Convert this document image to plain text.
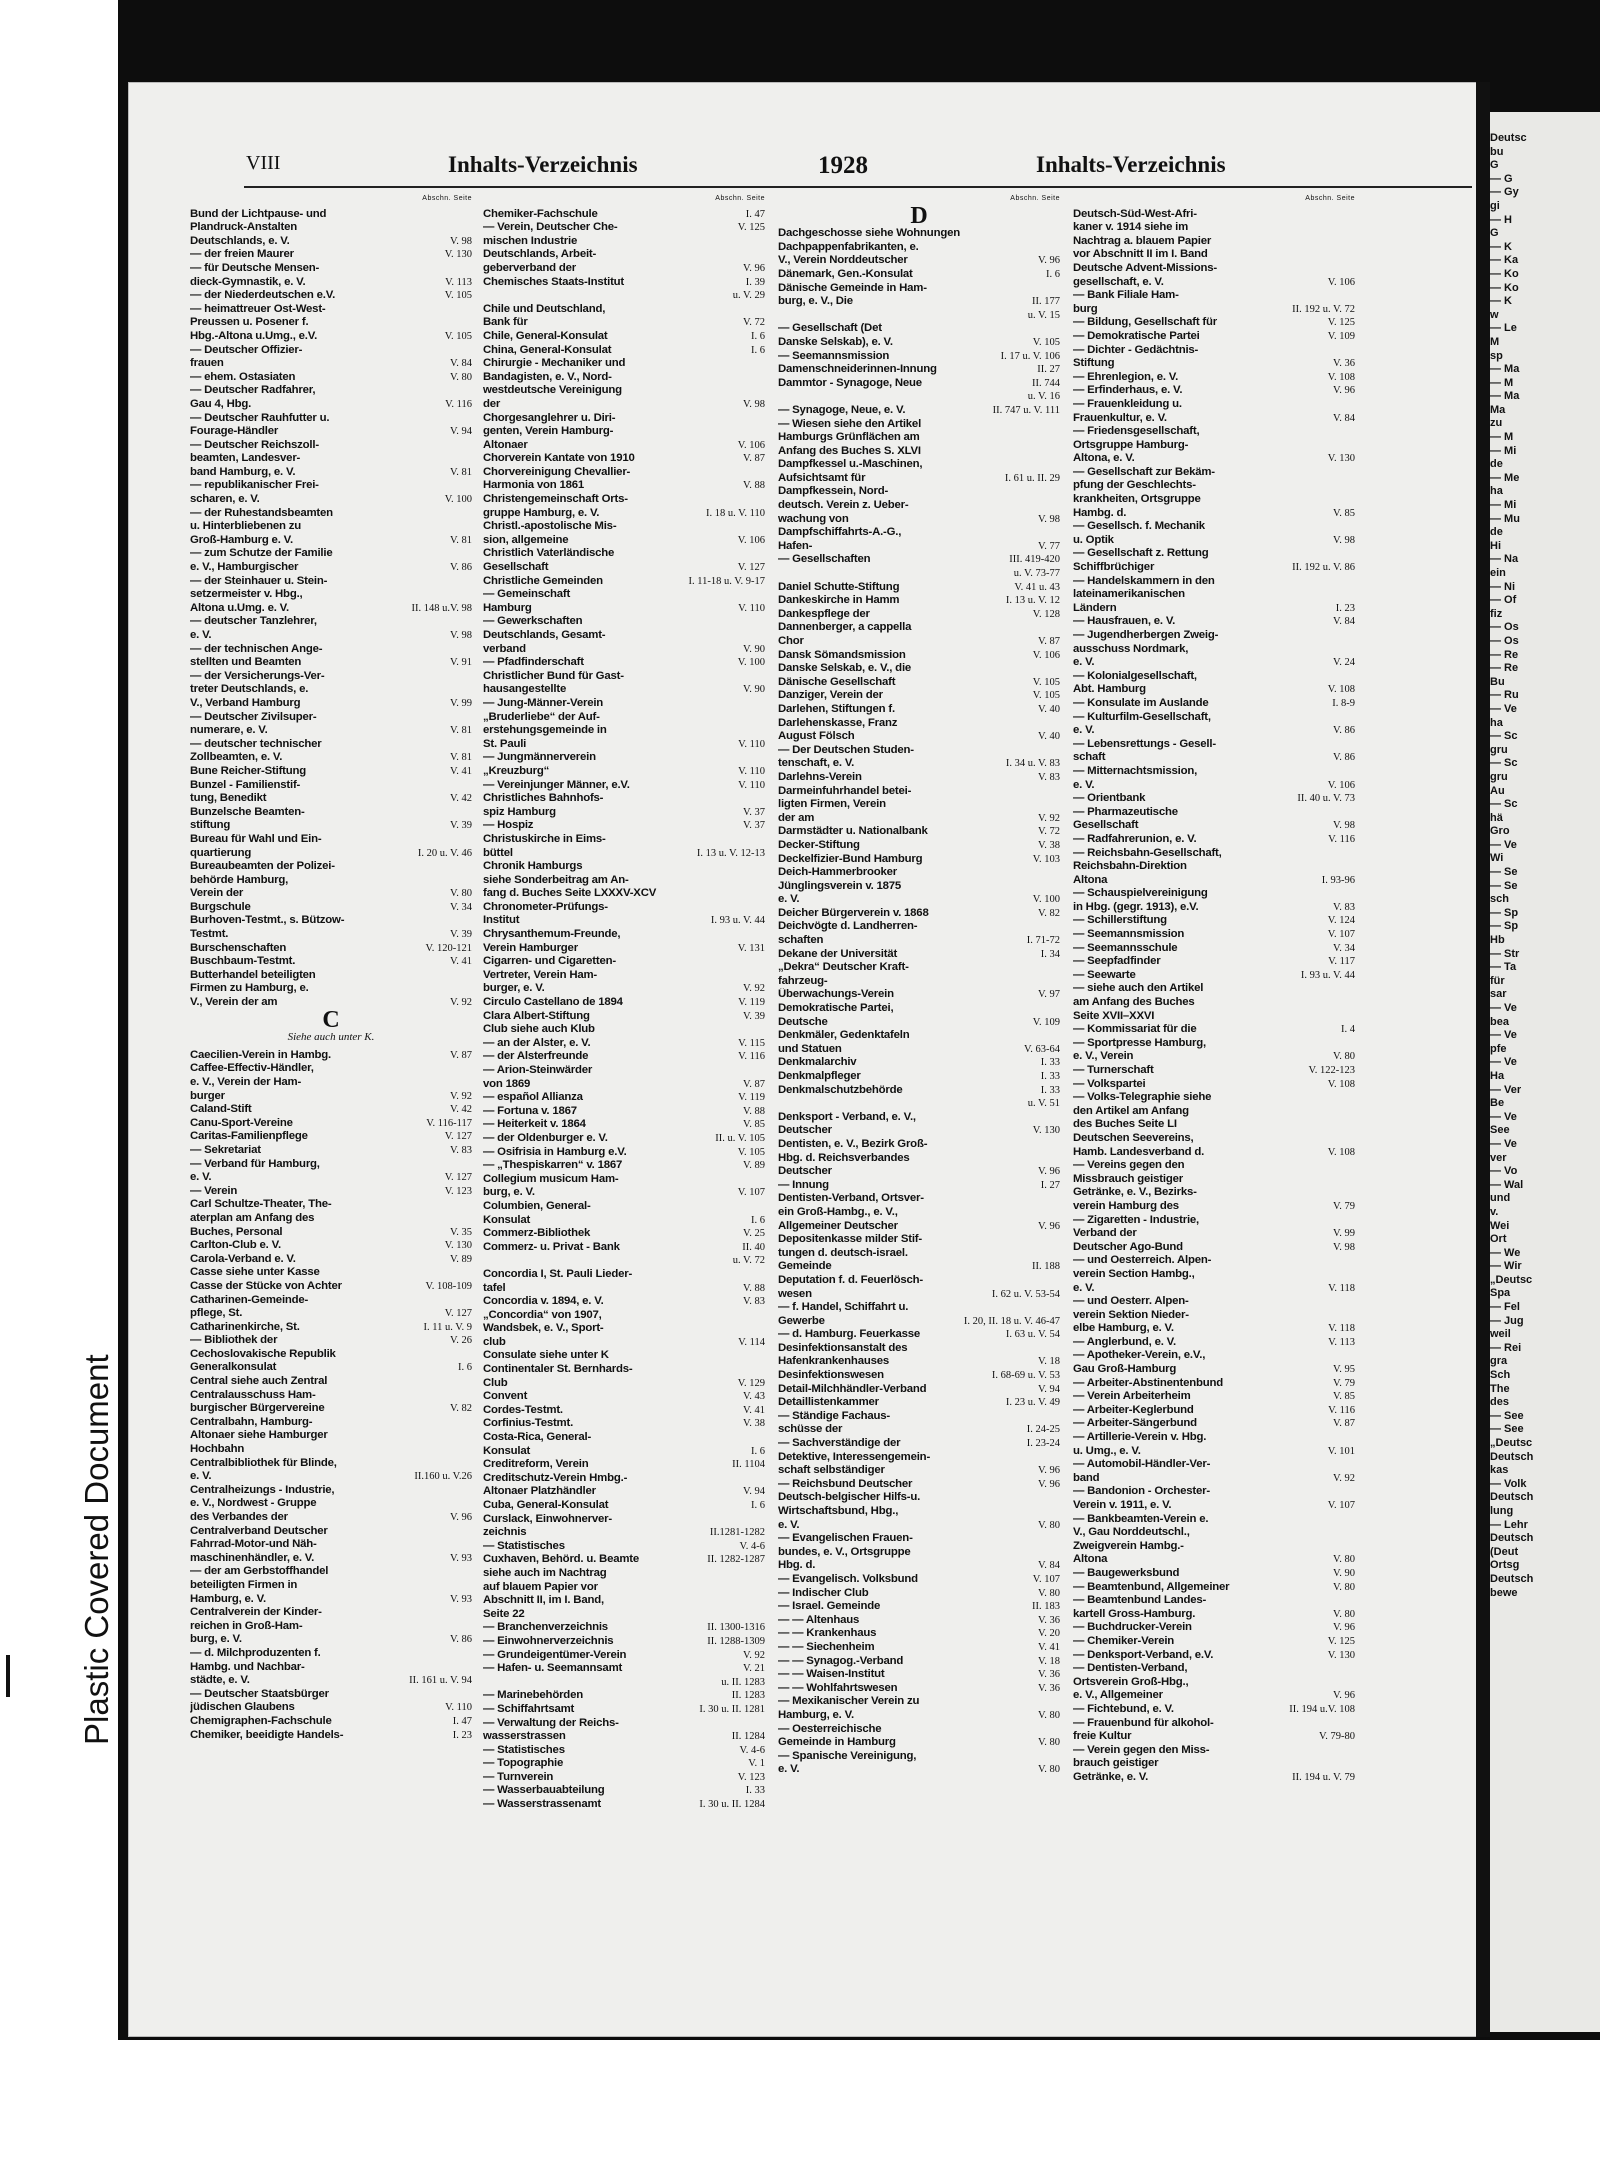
Plastic Covered Document
Deutsc
bu
G
— G
— Gy
gi
— H
G
— K
— Ka
— Ko
— Ko
— K
w
— Le
M
sp
— Ma
— M
— Ma
Ma
zu
— M
— Mi
de
— Me
ha
— Mi
— Mu
de
Hi
— Na
ein
— Ni
— Of
fiz
— Os
— Os
— Re
— Re
Bu
— Ru
— Ve
ha
— Sc
gru
— Sc
gru
Au
— Sc
hä
Gro
— Ve
Wi
— Se
— Se
sch
— Sp
— Sp
Hb
— Str
— Ta
für
sar
— Ve
bea
— Ve
pfe
— Ve
Ha
— Ver
Be
— Ve
See
— Ve
ver
— Vo
— Wal
und
v.
Wei
Ort
— We
— Wir
„Deutsc
Spa
— Fel
— Jug
weil
— Rei
gra
Sch
The
des
— See
— See
„Deutsc
Deutsch
kas
— Volk
Deutsch
lung
— Lehr
Deutsch
(Deut
Ortsg
Deutsch
bewe
VIII	Inhalts-Verzeichnis	1928	Inhalts-Verzeichnis
Abschn. Seite
Bund der Lichtpause- und
Plandruck-Anstalten
Deutschlands, e. V.	V. 98
— der freien Maurer	V. 130
— für Deutsche Mensen-
dieck-Gymnastik, e. V.	V. 113
— der Niederdeutschen e.V.	V. 105
— heimattreuer Ost-West-
Preussen u. Posener f.
Hbg.-Altona u.Umg., e.V.	V. 105
— Deutscher Offizier-
frauen	V. 84
— ehem. Ostasiaten	V. 80
— Deutscher Radfahrer,
Gau 4, Hbg.	V. 116
— Deutscher Rauhfutter u.
Fourage-Händler	V. 94
— Deutscher Reichszoll-
beamten, Landesver-
band Hamburg, e. V.	V. 81
— republikanischer Frei-
scharen, e. V.	V. 100
— der Ruhestandsbeamten
u. Hinterbliebenen zu
Groß-Hamburg e. V.	V. 81
— zum Schutze der Familie
e. V., Hamburgischer	V. 86
— der Steinhauer u. Stein-
setzermeister v. Hbg.,
Altona u.Umg. e. V.	II. 148 u.V. 98
— deutscher Tanzlehrer,
e. V.	V. 98
— der technischen Ange-
stellten und Beamten	V. 91
— der Versicherungs-Ver-
treter Deutschlands, e.
V., Verband Hamburg	V. 99
— Deutscher Zivilsuper-
numerare, e. V.	V. 81
— deutscher technischer
Zollbeamten, e. V.	V. 81
Bune Reicher-Stiftung	V. 41
Bunzel - Familienstif-
tung, Benedikt	V. 42
Bunzelsche Beamten-
stiftung	V. 39
Bureau für Wahl und Ein-
quartierung	I. 20 u. V. 46
Bureaubeamten der Polizei-
behörde Hamburg,
Verein der	V. 80
Burgschule	V. 34
Burhoven-Testmt., s. Bützow-
Testmt.	V. 39
Burschenschaften	V. 120-121
Buschbaum-Testmt.	V. 41
Butterhandel beteiligten
Firmen zu Hamburg, e.
V., Verein der am	V. 92
C
Siehe auch unter K.
Caecilien-Verein in Hambg.	V. 87
Caffee-Effectiv-Händler,
e. V., Verein der Ham-
burger	V. 92
Caland-Stift	V. 42
Canu-Sport-Vereine	V. 116-117
Caritas-Familienpflege	V. 127
— Sekretariat	V. 83
— Verband für Hamburg,
e. V.	V. 127
— Verein	V. 123
Carl Schultze-Theater, The-
aterplan am Anfang des
Buches, Personal	V. 35
Carlton-Club e. V.	V. 130
Carola-Verband e. V.	V. 89
Casse siehe unter Kasse
Casse der Stücke von Achter	V. 108-109
Catharinen-Gemeinde-
pflege, St.	V. 127
Catharinenkirche, St.	I. 11 u. V. 9
— Bibliothek der	V. 26
Cechoslovakische Republik
Generalkonsulat	I. 6
Central siehe auch Zentral
Centralausschuss Ham-
burgischer Bürgervereine	V. 82
Centralbahn, Hamburg-
Altonaer siehe Hamburger
Hochbahn
Centralbibliothek für Blinde,
e. V.	II.160 u. V.26
Centralheizungs - Industrie,
e. V., Nordwest - Gruppe
des Verbandes der	V. 96
Centralverband Deutscher
Fahrrad-Motor-und Näh-
maschinenhändler, e. V.	V. 93
— der am Gerbstoffhandel
beteiligten Firmen in
Hamburg, e. V.	V. 93
Centralverein der Kinder-
reichen in Groß-Ham-
burg, e. V.	V. 86
— d. Milchproduzenten f.
Hambg. und Nachbar-
städte, e. V.	II. 161 u. V. 94
— Deutscher Staatsbürger
jüdischen Glaubens	V. 110
Chemigraphen-Fachschule	I. 47
Chemiker, beeidigte Handels-	I. 23
Abschn. Seite
Chemiker-Fachschule	I. 47
— Verein, Deutscher Che-	V. 125
mischen Industrie
Deutschlands, Arbeit-
geberverband der	V. 96
Chemisches Staats-Institut	I. 39
u. V. 29
Chile und Deutschland,
Bank für	V. 72
Chile, General-Konsulat	I. 6
China, General-Konsulat	I. 6
Chirurgie - Mechaniker und
Bandagisten, e. V., Nord-
westdeutsche Vereinigung
der	V. 98
Chorgesanglehrer u. Diri-
genten, Verein Hamburg-
Altonaer	V. 106
Chorverein Kantate von 1910	V. 87
Chorvereinigung Chevallier-
Harmonia von 1861	V. 88
Christengemeinschaft Orts-
gruppe Hamburg, e. V.	I. 18 u. V. 110
Christl.-apostolische Mis-
sion, allgemeine	V. 106
Christlich Vaterländische
Gesellschaft	V. 127
Christliche Gemeinden	I. 11-18 u. V. 9-17
— Gemeinschaft
Hamburg	V. 110
— Gewerkschaften
Deutschlands, Gesamt-
verband	V. 90
— Pfadfinderschaft	V. 100
Christlicher Bund für Gast-
hausangestellte	V. 90
— Jung-Männer-Verein
„Bruderliebe“ der Auf-
erstehungsgemeinde in
St. Pauli	V. 110
— Jungmännerverein
„Kreuzburg“	V. 110
— Vereinjunger Männer, e.V.	V. 110
Christliches Bahnhofs-
spiz Hamburg	V. 37
— Hospiz	V. 37
Christuskirche in Eims-
büttel	I. 13 u. V. 12-13
Chronik Hamburgs
siehe Sonderbeitrag am An-
fang d. Buches Seite LXXXV-XCV
Chronometer-Prüfungs-
Institut	I. 93 u. V. 44
Chrysanthemum-Freunde,
Verein Hamburger	V. 131
Cigarren- und Cigaretten-
Vertreter, Verein Ham-
burger, e. V.	V. 92
Circulo Castellano de 1894	V. 119
Clara Albert-Stiftung	V. 39
Club siehe auch Klub
— an der Alster, e. V.	V. 115
— der Alsterfreunde	V. 116
— Arion-Steinwärder
von 1869	V. 87
— español Allianza	V. 119
— Fortuna v. 1867	V. 88
— Heiterkeit v. 1864	V. 85
— der Oldenburger e. V.	II. u. V. 105
— Osifrisia in Hamburg e.V.	V. 105
— „Thespiskarren“ v. 1867	V. 89
Collegium musicum Ham-
burg, e. V.	V. 107
Columbien, General-
Konsulat	I. 6
Commerz-Bibliothek	V. 25
Commerz- u. Privat - Bank	II. 40
u. V. 72
Concordia I, St. Pauli Lieder-
tafel	V. 88
Concordia v. 1894, e. V.	V. 83
„Concordia“ von 1907,
Wandsbek, e. V., Sport-
club	V. 114
Consulate siehe unter K
Continentaler St. Bernhards-
Club	V. 129
Convent	V. 43
Cordes-Testmt.	V. 41
Corfinius-Testmt.	V. 38
Costa-Rica, General-
Konsulat	I. 6
Creditreform, Verein	II. 1104
Creditschutz-Verein Hmbg.-
Altonaer Platzhändler	V. 94
Cuba, General-Konsulat	I. 6
Curslack, Einwohnerver-
zeichnis	II.1281-1282
— Statistisches	V. 4-6
Cuxhaven, Behörd. u. Beamte	II. 1282-1287
siehe auch im Nachtrag
auf blauem Papier vor
Abschnitt II, im I. Band,
Seite 22
— Branchenverzeichnis	II. 1300-1316
— Einwohnerverzeichnis	II. 1288-1309
— Grundeigentümer-Verein	V. 92
— Hafen- u. Seemannsamt	V. 21
u. II. 1283
— Marinebehörden	II. 1283
— Schiffahrtsamt	I. 30 u. II. 1281
— Verwaltung der Reichs-
wasserstrassen	II. 1284
— Statistisches	V. 4-6
— Topographie	V. 1
— Turnverein	V. 123
— Wasserbauabteilung	I. 33
— Wasserstrassenamt	I. 30 u. II. 1284
Abschn. Seite
D
Dachgeschosse siehe Wohnungen
Dachpappenfabrikanten, e.
V., Verein Norddeutscher	V. 96
Dänemark, Gen.-Konsulat	I. 6
Dänische Gemeinde in Ham-
burg, e. V., Die	II. 177
u. V. 15
— Gesellschaft (Det
Danske Selskab), e. V.	V. 105
— Seemannsmission	I. 17 u. V. 106
Damenschneiderinnen-Innung	II. 27
Dammtor - Synagoge, Neue	II. 744
u. V. 16
— Synagoge, Neue, e. V.	II. 747 u. V. 111
— Wiesen siehe den Artikel
Hamburgs Grünflächen am
Anfang des Buches S. XLVI
Dampfkessel u.-Maschinen,
Aufsichtsamt für	I. 61 u. II. 29
Dampfkessein, Nord-
deutsch. Verein z. Ueber-
wachung von	V. 98
Dampfschiffahrts-A.-G.,
Hafen-	V. 77
— Gesellschaften	III. 419-420
u. V. 73-77
Daniel Schutte-Stiftung	V. 41 u. 43
Dankeskirche in Hamm	I. 13 u. V. 12
Dankespflege der	V. 128
Dannenberger, a cappella
Chor	V. 87
Dansk Sömandsmission	V. 106
Danske Selskab, e. V., die
Dänische Gesellschaft	V. 105
Danziger, Verein der	V. 105
Darlehen, Stiftungen f.	V. 40
Darlehenskasse, Franz
August Fölsch	V. 40
— Der Deutschen Studen-
tenschaft, e. V.	I. 34 u. V. 83
Darlehns-Verein	V. 83
Darmeinfuhrhandel betei-
ligten Firmen, Verein
der am	V. 92
Darmstädter u. Nationalbank	V. 72
Decker-Stiftung	V. 38
Deckelfizier-Bund Hamburg	V. 103
Deich-Hammerbrooker
Jünglingsverein v. 1875
e. V.	V. 100
Deicher Bürgerverein v. 1868	V. 82
Deichvögte d. Landherren-
schaften	I. 71-72
Dekane der Universität	I. 34
„Dekra“ Deutscher Kraft-
fahrzeug-
Überwachungs-Verein	V. 97
Demokratische Partei,
Deutsche	V. 109
Denkmäler, Gedenktafeln
und Statuen	V. 63-64
Denkmalarchiv	I. 33
Denkmalpfleger	I. 33
Denkmalschutzbehörde	I. 33
u. V. 51
Denksport - Verband, e. V.,
Deutscher	V. 130
Dentisten, e. V., Bezirk Groß-
Hbg. d. Reichsverbandes
Deutscher	V. 96
— Innung	I. 27
Dentisten-Verband, Ortsver-
ein Groß-Hambg., e. V.,
Allgemeiner Deutscher	V. 96
Depositenkasse milder Stif-
tungen d. deutsch-israel.
Gemeinde	II. 188
Deputation f. d. Feuerlösch-
wesen	I. 62 u. V. 53-54
— f. Handel, Schiffahrt u.
Gewerbe	I. 20, II. 18 u. V. 46-47
— d. Hamburg. Feuerkasse	I. 63 u. V. 54
Desinfektionsanstalt des
Hafenkrankenhauses	V. 18
Desinfektionswesen	I. 68-69 u. V. 53
Detail-Milchhändler-Verband	V. 94
Detaillistenkammer	I. 23 u. V. 49
— Ständige Fachaus-
schüsse der	I. 24-25
— Sachverständige der	I. 23-24
Detektive, Interessengemein-
schaft selbständiger	V. 96
— Reichsbund Deutscher	V. 96
Deutsch-belgischer Hilfs-u.
Wirtschaftsbund, Hbg.,
e. V.	V. 80
— Evangelischen Frauen-
bundes, e. V., Ortsgruppe
Hbg. d.	V. 84
— Evangelisch. Volksbund	V. 107
— Indischer Club	V. 80
— Israel. Gemeinde	II. 183
— — Altenhaus	V. 36
— — Krankenhaus	V. 20
— — Siechenheim	V. 41
— — Synagog.-Verband	V. 18
— — Waisen-Institut	V. 36
— — Wohlfahrtswesen	V. 36
— Mexikanischer Verein zu
Hamburg, e. V.	V. 80
— Oesterreichische
Gemeinde in Hamburg	V. 80
— Spanische Vereinigung,
e. V.	V. 80
Abschn. Seite
Deutsch-Süd-West-Afri-
kaner v. 1914 siehe im
Nachtrag a. blauem Papier
vor Abschnitt II im I. Band
Deutsche Advent-Missions-
gesellschaft, e. V.	V. 106
— Bank Filiale Ham-
burg	II. 192 u. V. 72
— Bildung, Gesellschaft für	V. 125
— Demokratische Partei	V. 109
— Dichter - Gedächtnis-
Stiftung	V. 36
— Ehrenlegion, e. V.	V. 108
— Erfinderhaus, e. V.	V. 96
— Frauenkleidung u.
Frauenkultur, e. V.	V. 84
— Friedensgesellschaft,
Ortsgruppe Hamburg-
Altona, e. V.	V. 130
— Gesellschaft zur Bekäm-
pfung der Geschlechts-
krankheiten, Ortsgruppe
Hambg. d.	V. 85
— Gesellsch. f. Mechanik
u. Optik	V. 98
— Gesellschaft z. Rettung
Schiffbrüchiger	II. 192 u. V. 86
— Handelskammern in den
lateinamerikanischen
Ländern	I. 23
— Hausfrauen, e. V.	V. 84
— Jugendherbergen Zweig-
ausschuss Nordmark,
e. V.	V. 24
— Kolonialgesellschaft,
Abt. Hamburg	V. 108
— Konsulate im Auslande	I. 8-9
— Kulturfilm-Gesellschaft,
e. V.	V. 86
— Lebensrettungs - Gesell-
schaft	V. 86
— Mitternachtsmission,
e. V.	V. 106
— Orientbank	II. 40 u. V. 73
— Pharmazeutische
Gesellschaft	V. 98
— Radfahrerunion, e. V.	V. 116
— Reichsbahn-Gesellschaft,
Reichsbahn-Direktion
Altona	I. 93-96
— Schauspielvereinigung
in Hbg. (gegr. 1913), e.V.	V. 83
— Schillerstiftung	V. 124
— Seemannsmission	V. 107
— Seemannsschule	V. 34
— Seepfadfinder	V. 117
— Seewarte	I. 93 u. V. 44
— siehe auch den Artikel
am Anfang des Buches
Seite XVII–XXVI
— Kommissariat für die	I. 4
— Sportpresse Hamburg,
e. V., Verein	V. 80
— Turnerschaft	V. 122-123
— Volkspartei	V. 108
— Volks-Telegraphie siehe
den Artikel am Anfang
des Buches Seite LI
Deutschen Seevereins,
Hamb. Landesverband d.	V. 108
— Vereins gegen den
Missbrauch geistiger
Getränke, e. V., Bezirks-
verein Hamburg des	V. 79
— Zigaretten - Industrie,
Verband der	V. 99
Deutscher Ago-Bund	V. 98
— und Oesterreich. Alpen-
verein Section Hambg.,
e. V.	V. 118
— und Oesterr. Alpen-
verein Sektion Nieder-
elbe Hamburg, e. V.	V. 118
— Anglerbund, e. V.	V. 113
— Apotheker-Verein, e.V.,
Gau Groß-Hamburg	V. 95
— Arbeiter-Abstinentenbund	V. 79
— Verein Arbeiterheim	V. 85
— Arbeiter-Keglerbund	V. 116
— Arbeiter-Sängerbund	V. 87
— Artillerie-Verein v. Hbg.
u. Umg., e. V.	V. 101
— Automobil-Händler-Ver-
band	V. 92
— Bandonion - Orchester-
Verein v. 1911, e. V.	V. 107
— Bankbeamten-Verein e.
V., Gau Norddeutschl.,
Zweigverein Hambg.-
Altona	V. 80
— Baugewerksbund	V. 90
— Beamtenbund, Allgemeiner	V. 80
— Beamtenbund Landes-
kartell Gross-Hamburg.	V. 80
— Buchdrucker-Verein	V. 96
— Chemiker-Verein	V. 125
— Denksport-Verband, e.V.	V. 130
— Dentisten-Verband,
Ortsverein Groß-Hbg.,
e. V., Allgemeiner	V. 96
— Fichtebund, e. V.	II. 194 u.V. 108
— Frauenbund für alkohol-
freie Kultur	V. 79-80
— Verein gegen den Miss-
brauch geistiger
Getränke, e. V.	II. 194 u. V. 79
